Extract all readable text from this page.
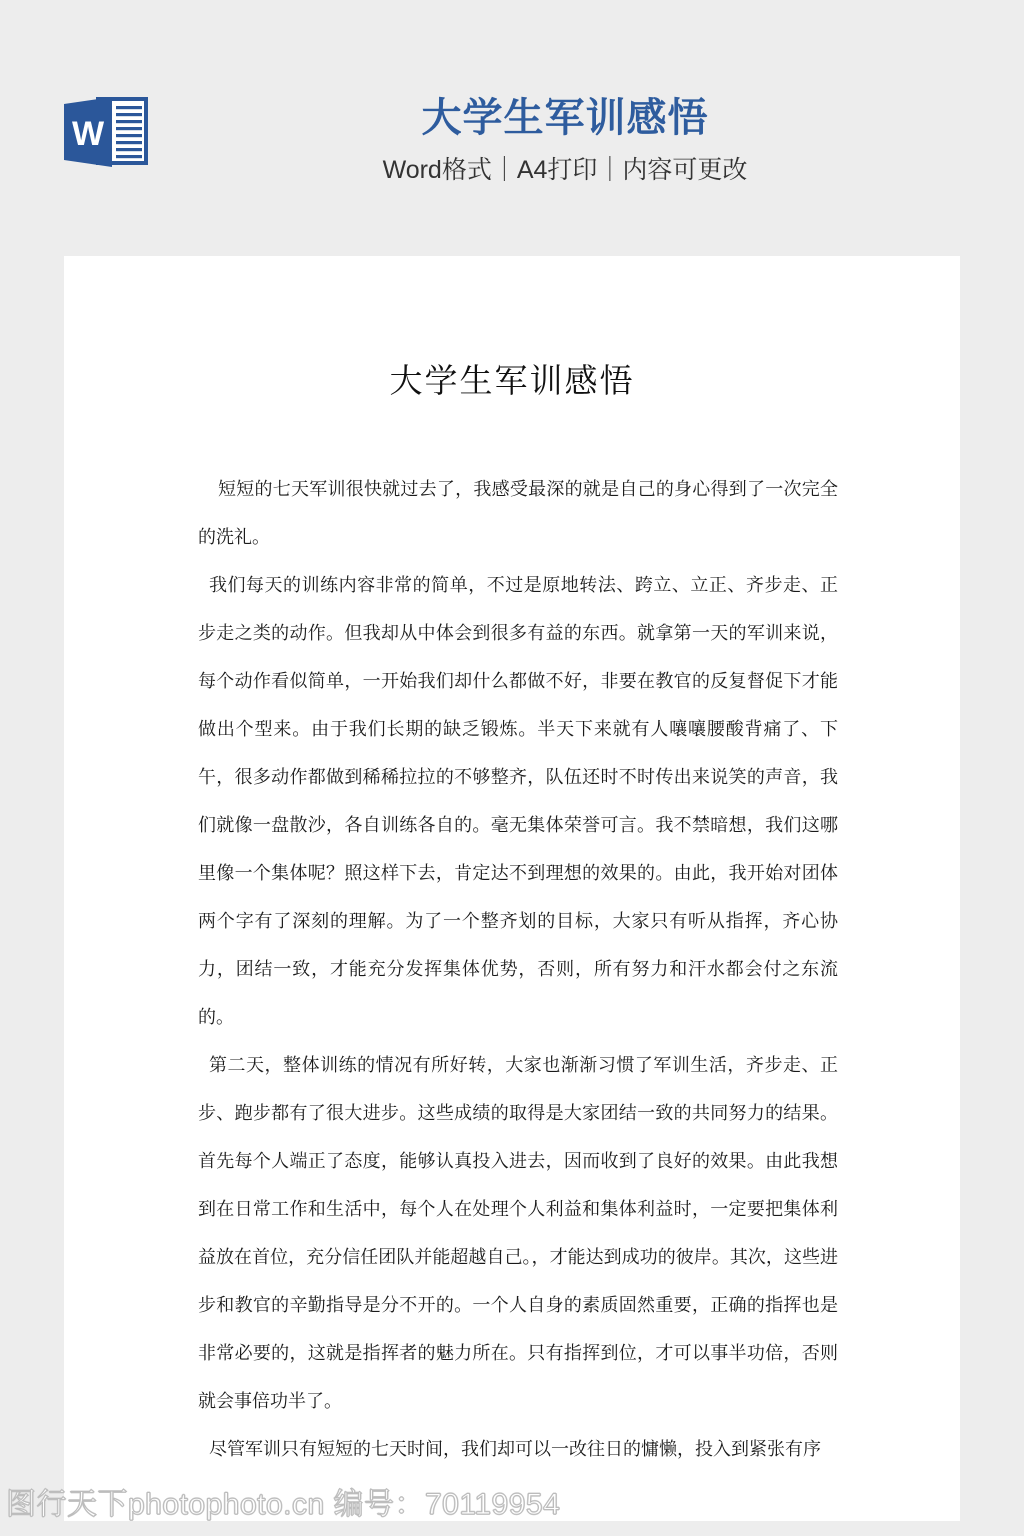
W	大学生军训感悟
Word格式｜A4打印｜内容可更改
大学生军训感悟

短短的七天军训很快就过去了，我感受最深的就是自己的身心得到了一次完全的洗礼。

我们每天的训练内容非常的简单，不过是原地转法、跨立、立正、齐步走、正步走之类的动作。但我却从中体会到很多有益的东西。就拿第一天的军训来说，每个动作看似简单，一开始我们却什么都做不好，非要在教官的反复督促下才能做出个型来。由于我们长期的缺乏锻炼。半天下来就有人嚷嚷腰酸背痛了、下午，很多动作都做到稀稀拉拉的不够整齐，队伍还时不时传出来说笑的声音，我们就像一盘散沙，各自训练各自的。毫无集体荣誉可言。我不禁暗想，我们这哪里像一个集体呢？照这样下去，肯定达不到理想的效果的。由此，我开始对团体两个字有了深刻的理解。为了一个整齐划的目标，大家只有听从指挥，齐心协力，团结一致，才能充分发挥集体优势，否则，所有努力和汗水都会付之东流的。

第二天，整体训练的情况有所好转，大家也渐渐习惯了军训生活，齐步走、正步、跑步都有了很大进步。这些成绩的取得是大家团结一致的共同努力的结果。首先每个人端正了态度，能够认真投入进去，因而收到了良好的效果。由此我想到在日常工作和生活中，每个人在处理个人利益和集体利益时，一定要把集体利益放在首位，充分信任团队并能超越自己。，才能达到成功的彼岸。其次，这些进步和教官的辛勤指导是分不开的。一个人自身的素质固然重要，正确的指挥也是非常必要的，这就是指挥者的魅力所在。只有指挥到位，才可以事半功倍，否则就会事倍功半了。

尽管军训只有短短的七天时间，我们却可以一改往日的慵懒，投入到紧张有序

图行天下photophoto.cn 编号：70119954
